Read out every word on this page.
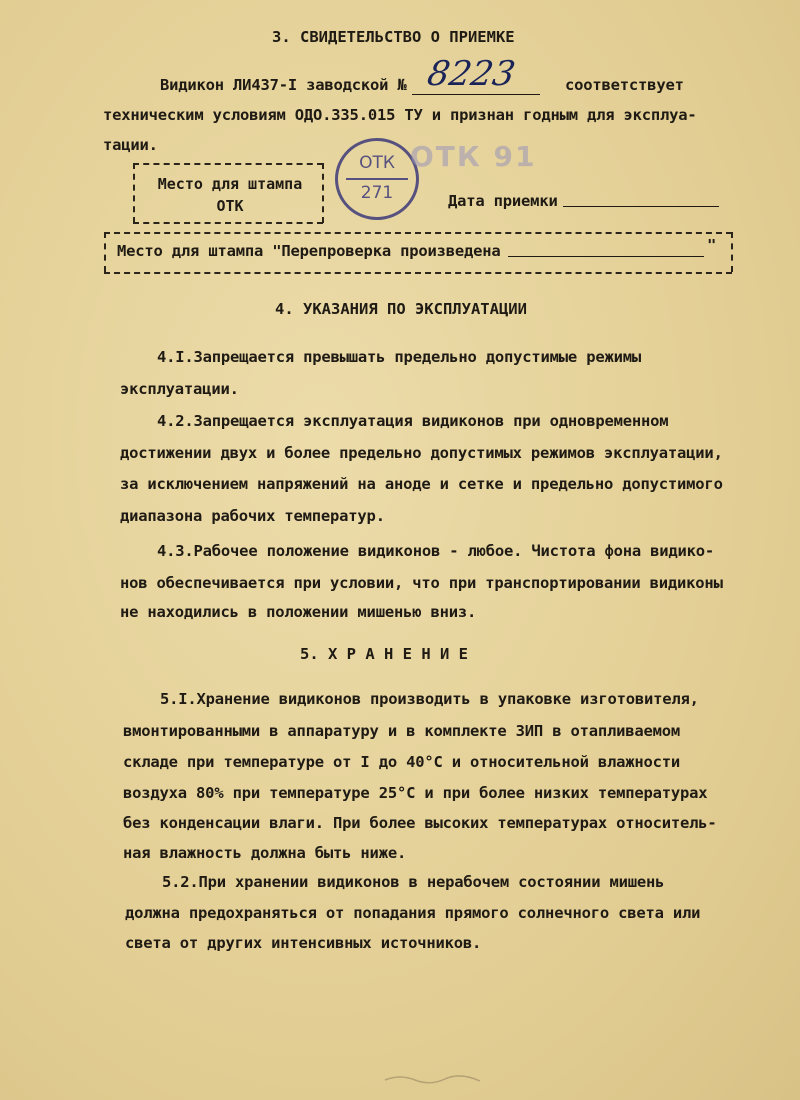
3. СВИДЕТЕЛЬСТВО О ПРИЕМКЕ
Видикон ЛИ437-I заводской № 8223	соответствует
техническим условиям ОДО.335.015 ТУ и признан годным для эксплуа-
тации.
Место для штампа
ОТК
ОТК
271
ОТК 91
Дата приемки
Место для штампа "Перепроверка произведена	"
4. УКАЗАНИЯ ПО ЭКСПЛУАТАЦИИ
4.I.Запрещается превышать предельно допустимые режимы
эксплуатации.
4.2.Запрещается эксплуатация видиконов при одновременном
достижении двух и более предельно допустимых режимов эксплуатации,
за исключением напряжений на аноде и сетке и предельно допустимого
диапазона рабочих температур.
4.3.Рабочее положение видиконов - любое. Чистота фона видико-
нов обеспечивается при условии, что при транспортировании видиконы
не находились в положении мишенью вниз.
5. Х Р А Н Е Н И Е
5.I.Хранение видиконов производить в упаковке изготовителя,
вмонтированными в аппаратуру и в комплекте ЗИП в отапливаемом
складе при температуре от I до 40°С и относительной влажности
воздуха 80% при температуре 25°С и при более низких температурах
без конденсации влаги. При более высоких температурах относитель-
ная влажность должна быть ниже.
5.2.При хранении видиконов в нерабочем состоянии мишень
должна предохраняться от попадания прямого солнечного света или
света от других интенсивных источников.
